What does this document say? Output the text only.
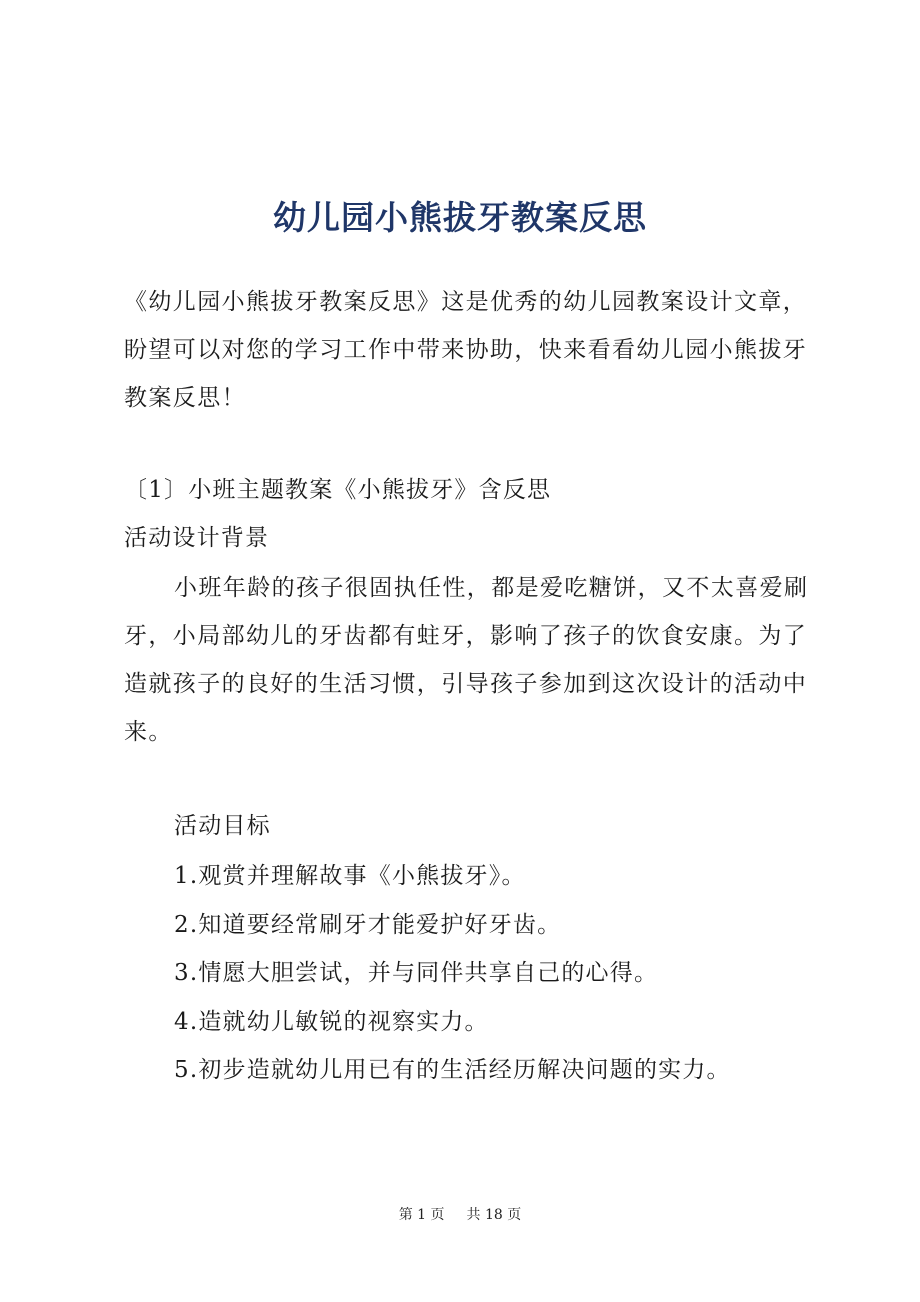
幼儿园小熊拔牙教案反思

《幼儿园小熊拔牙教案反思》这是优秀的幼儿园教案设计文章，盼望可以对您的学习工作中带来协助，快来看看幼儿园小熊拔牙教案反思！

〔1〕小班主题教案《小熊拔牙》含反思

活动设计背景

小班年龄的孩子很固执任性，都是爱吃糖饼，又不太喜爱刷牙，小局部幼儿的牙齿都有蛀牙，影响了孩子的饮食安康。为了造就孩子的良好的生活习惯，引导孩子参加到这次设计的活动中来。

活动目标

1.观赏并理解故事《小熊拔牙》。
2.知道要经常刷牙才能爱护好牙齿。
3.情愿大胆尝试，并与同伴共享自己的心得。
4.造就幼儿敏锐的视察实力。
5.初步造就幼儿用已有的生活经历解决问题的实力。

第 1 页 共 18 页
